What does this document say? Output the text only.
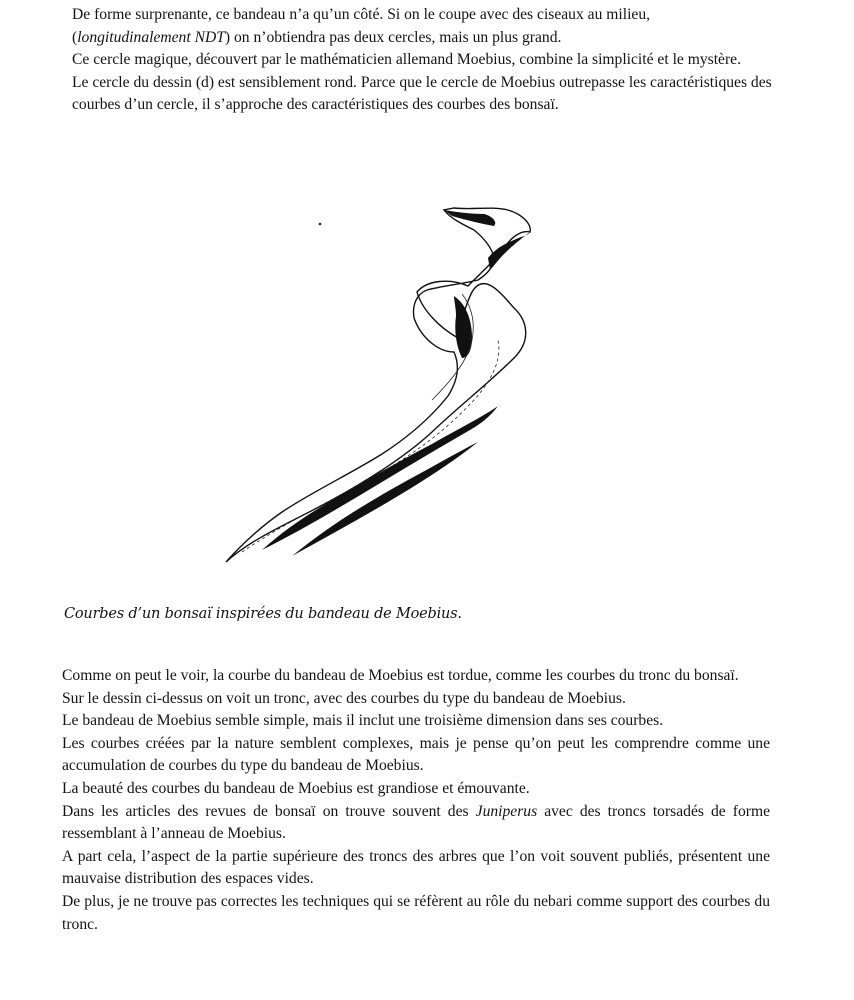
De forme surprenante, ce bandeau n’a qu’un côté. Si on le coupe avec des ciseaux au milieu,
(longitudinalement NDT) on n’obtiendra pas deux cercles, mais un plus grand.

Ce cercle magique, découvert par le mathématicien allemand Moebius, combine la simplicité et le mystère.

Le cercle du dessin (d) est sensiblement rond. Parce que le cercle de Moebius outrepasse les caractéristiques des courbes d’un cercle, il s’approche des caractéristiques des courbes des bonsaï.

Courbes d’un bonsaï inspirées du bandeau de Moebius.

Comme on peut le voir, la courbe du bandeau de Moebius est tordue, comme les courbes du tronc du bonsaï.

Sur le dessin ci-dessus on voit un tronc, avec des courbes du type du bandeau de Moebius.

Le bandeau de Moebius semble simple, mais il inclut une troisième dimension dans ses courbes.

Les courbes créées par la nature semblent complexes, mais je pense qu’on peut les comprendre comme une accumulation de courbes du type du bandeau de Moebius.

La beauté des courbes du bandeau de Moebius est grandiose et émouvante.

Dans les articles des revues de bonsaï on trouve souvent des Juniperus avec des troncs torsadés de forme ressemblant à l’anneau de Moebius.

A part cela, l’aspect de la partie supérieure des troncs des arbres que l’on voit souvent publiés, présentent une mauvaise distribution des espaces vides.

De plus, je ne trouve pas correctes les techniques qui se réfèrent au rôle du nebari comme support des courbes du tronc.
